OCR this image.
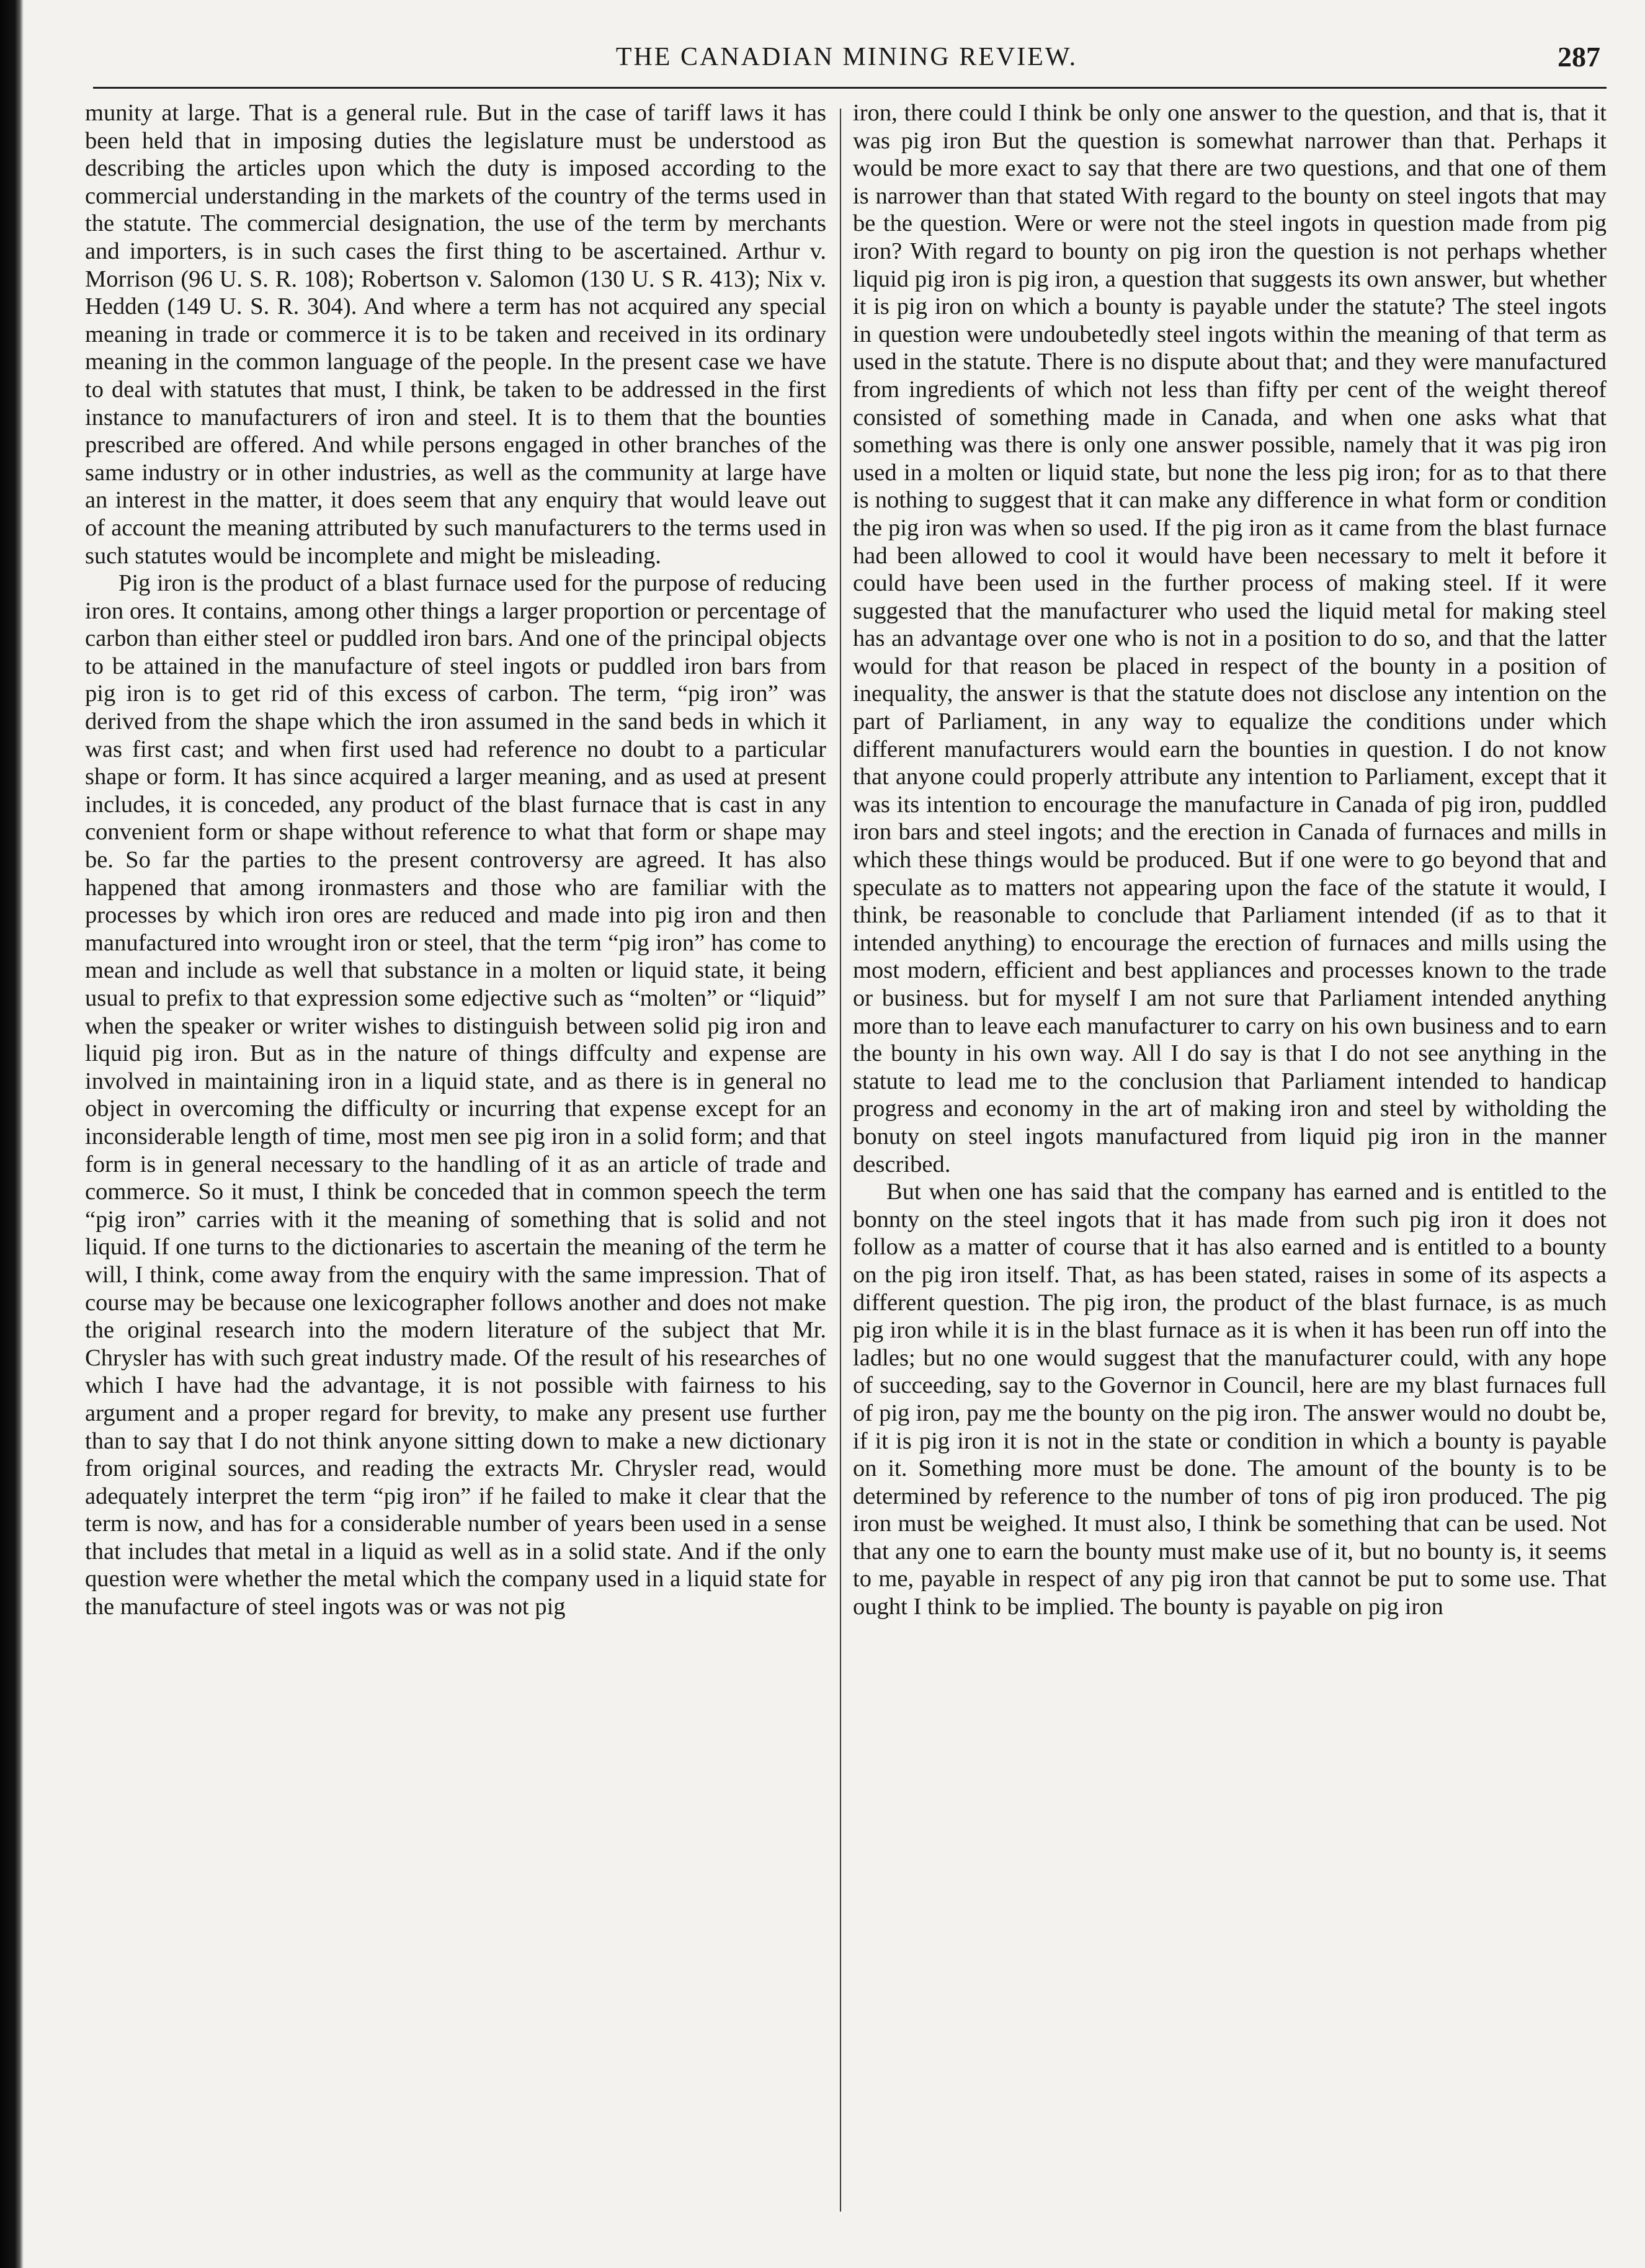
THE CANADIAN MINING REVIEW.	287

munity at large. That is a general rule. But in the case of tariff laws it has been held that in imposing duties the legislature must be understood as describing the articles upon which the duty is imposed according to the commercial understanding in the markets of the country of the terms used in the statute. The commercial designation, the use of the term by merchants and importers, is in such cases the first thing to be ascertained. Arthur v. Morrison (96 U. S. R. 108); Robertson v. Salomon (130 U. S R. 413); Nix v. Hedden (149 U. S. R. 304). And where a term has not acquired any special meaning in trade or commerce it is to be taken and received in its ordinary meaning in the common language of the people. In the present case we have to deal with statutes that must, I think, be taken to be addressed in the first instance to manufacturers of iron and steel. It is to them that the bounties prescribed are offered. And while persons engaged in other branches of the same industry or in other industries, as well as the community at large have an interest in the matter, it does seem that any enquiry that would leave out of account the meaning attributed by such manufacturers to the terms used in such statutes would be incomplete and might be misleading.

Pig iron is the product of a blast furnace used for the purpose of reducing iron ores. It contains, among other things a larger proportion or percentage of carbon than either steel or puddled iron bars. And one of the principal objects to be attained in the manufacture of steel ingots or puddled iron bars from pig iron is to get rid of this excess of carbon. The term, “pig iron” was derived from the shape which the iron assumed in the sand beds in which it was first cast; and when first used had reference no doubt to a particular shape or form. It has since acquired a larger meaning, and as used at present includes, it is conceded, any product of the blast furnace that is cast in any convenient form or shape without reference to what that form or shape may be. So far the parties to the present controversy are agreed. It has also happened that among ironmasters and those who are familiar with the processes by which iron ores are reduced and made into pig iron and then manufactured into wrought iron or steel, that the term “pig iron” has come to mean and include as well that substance in a molten or liquid state, it being usual to prefix to that expression some edjective such as “molten” or “liquid” when the speaker or writer wishes to distinguish between solid pig iron and liquid pig iron. But as in the nature of things diffculty and expense are involved in maintaining iron in a liquid state, and as there is in general no object in overcoming the difficulty or incurring that expense except for an inconsiderable length of time, most men see pig iron in a solid form; and that form is in general necessary to the handling of it as an article of trade and commerce. So it must, I think be conceded that in common speech the term “pig iron” carries with it the meaning of something that is solid and not liquid. If one turns to the dictionaries to ascertain the meaning of the term he will, I think, come away from the enquiry with the same impression. That of course may be because one lexicographer follows another and does not make the original research into the modern literature of the subject that Mr. Chrysler has with such great industry made. Of the result of his researches of which I have had the advantage, it is not possible with fairness to his argument and a proper regard for brevity, to make any present use further than to say that I do not think anyone sitting down to make a new dictionary from original sources, and reading the extracts Mr. Chrysler read, would adequately interpret the term “pig iron” if he failed to make it clear that the term is now, and has for a considerable number of years been used in a sense that includes that metal in a liquid as well as in a solid state. And if the only question were whether the metal which the company used in a liquid state for the manufacture of steel ingots was or was not pig

iron, there could I think be only one answer to the question, and that is, that it was pig iron But the question is somewhat narrower than that. Perhaps it would be more exact to say that there are two questions, and that one of them is narrower than that stated With regard to the bounty on steel ingots that may be the question. Were or were not the steel ingots in question made from pig iron? With regard to bounty on pig iron the question is not perhaps whether liquid pig iron is pig iron, a question that suggests its own answer, but whether it is pig iron on which a bounty is payable under the statute? The steel ingots in question were undoubetedly steel ingots within the meaning of that term as used in the statute. There is no dispute about that; and they were manufactured from ingredients of which not less than fifty per cent of the weight thereof consisted of something made in Canada, and when one asks what that something was there is only one answer possible, namely that it was pig iron used in a molten or liquid state, but none the less pig iron; for as to that there is nothing to suggest that it can make any difference in what form or condition the pig iron was when so used. If the pig iron as it came from the blast furnace had been allowed to cool it would have been necessary to melt it before it could have been used in the further process of making steel. If it were suggested that the manufacturer who used the liquid metal for making steel has an advantage over one who is not in a position to do so, and that the latter would for that reason be placed in respect of the bounty in a position of inequality, the answer is that the statute does not disclose any intention on the part of Parliament, in any way to equalize the conditions under which different manufacturers would earn the bounties in question. I do not know that anyone could properly attribute any intention to Parliament, except that it was its intention to encourage the manufacture in Canada of pig iron, puddled iron bars and steel ingots; and the erection in Canada of furnaces and mills in which these things would be produced. But if one were to go beyond that and speculate as to matters not appearing upon the face of the statute it would, I think, be reasonable to conclude that Parliament intended (if as to that it intended anything) to encourage the erection of furnaces and mills using the most modern, efficient and best appliances and processes known to the trade or business. but for myself I am not sure that Parliament intended anything more than to leave each manufacturer to carry on his own business and to earn the bounty in his own way. All I do say is that I do not see anything in the statute to lead me to the conclusion that Parliament intended to handicap progress and economy in the art of making iron and steel by witholding the bonuty on steel ingots manufactured from liquid pig iron in the manner described.

But when one has said that the company has earned and is entitled to the bonnty on the steel ingots that it has made from such pig iron it does not follow as a matter of course that it has also earned and is entitled to a bounty on the pig iron itself. That, as has been stated, raises in some of its aspects a different question. The pig iron, the product of the blast furnace, is as much pig iron while it is in the blast furnace as it is when it has been run off into the ladles; but no one would suggest that the manufacturer could, with any hope of succeeding, say to the Governor in Council, here are my blast furnaces full of pig iron, pay me the bounty on the pig iron. The answer would no doubt be, if it is pig iron it is not in the state or condition in which a bounty is payable on it. Something more must be done. The amount of the bounty is to be determined by reference to the number of tons of pig iron produced. The pig iron must be weighed. It must also, I think be something that can be used. Not that any one to earn the bounty must make use of it, but no bounty is, it seems to me, payable in respect of any pig iron that cannot be put to some use. That ought I think to be implied. The bounty is payable on pig iron
